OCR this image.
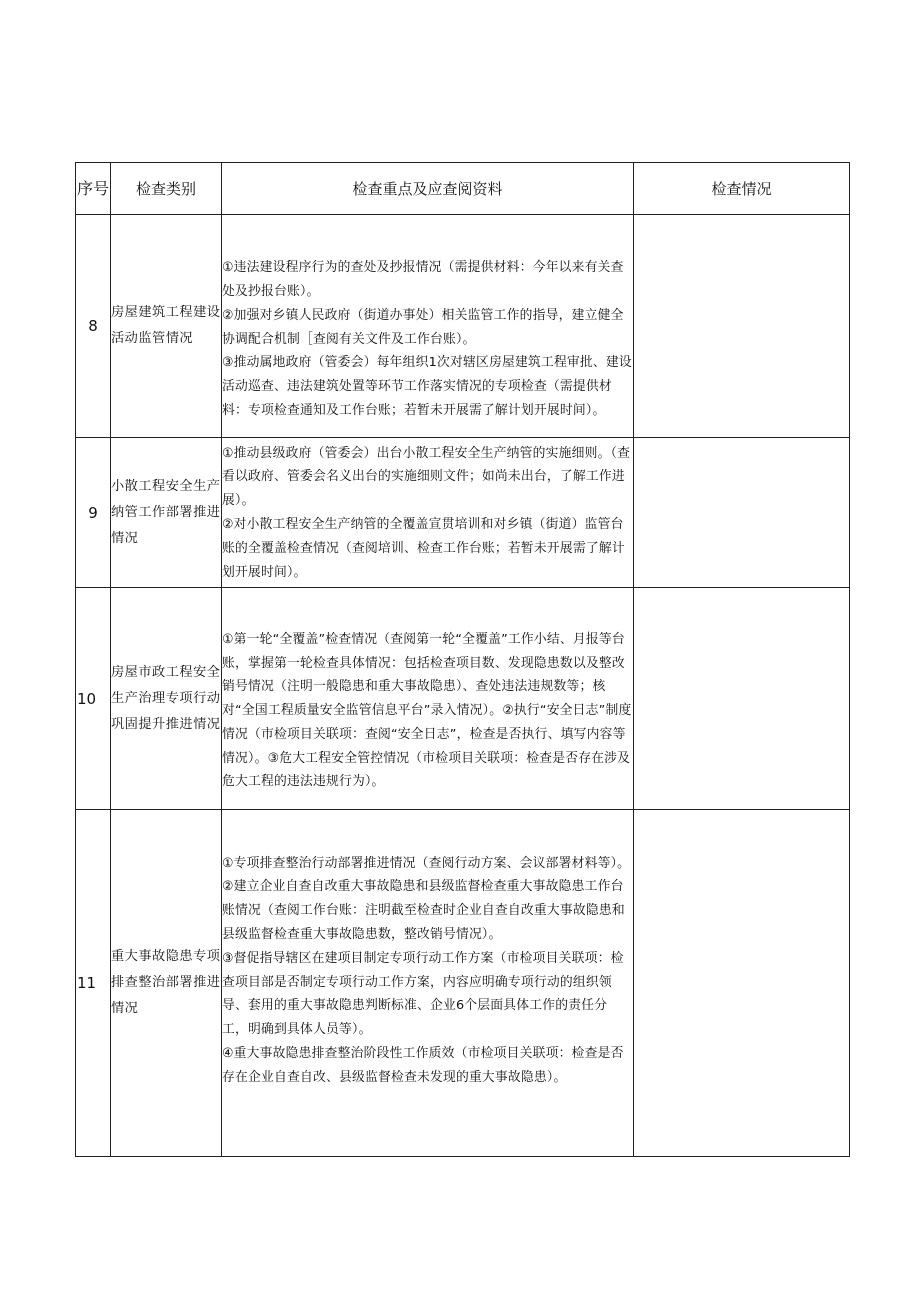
序号	检查类别	检查重点及应查阅资料	检查情况
8	房屋建筑工程建设活动监管情况	①违法建设程序行为的查处及抄报情况（需提供材料：今年以来有关查处及抄报台账）。
②加强对乡镇人民政府（街道办事处）相关监管工作的指导，建立健全协调配合机制［查阅有关文件及工作台账）。
③推动属地政府（管委会）每年组织1次对辖区房屋建筑工程审批、建设活动巡查、违法建筑处置等环节工作落实情况的专项检查（需提供材料：专项检查通知及工作台账；若暂未开展需了解计划开展时间）。	

9	小散工程安全生产纳管工作部署推进情况	①推动县级政府（管委会）出台小散工程安全生产纳管的实施细则。（查看以政府、管委会名义出台的实施细则文件；如尚未出台，了解工作进展）。
②对小散工程安全生产纳管的全覆盖宣贯培训和对乡镇（街道）监管台账的全覆盖检查情况（查阅培训、检查工作台账；若暂未开展需了解计划开展时间）。	

10	房屋市政工程安全生产治理专项行动巩固提升推进情况	①第一轮“全覆盖”检查情况（查阅第一轮“全覆盖”工作小结、月报等台账，掌握第一轮检查具体情况：包括检查项目数、发现隐患数以及整改销号情况（注明一般隐患和重大事故隐患）、查处违法违规数等；核对“全国工程质量安全监管信息平台”录入情况）。②执行“安全日志”制度情况（市检项目关联项：查阅“安全日志”，检查是否执行、填写内容等情况）。③危大工程安全管控情况（市检项目关联项：检查是否存在涉及危大工程的违法违规行为）。	

11	重大事故隐患专项排查整治部署推进情况	①专项排查整治行动部署推进情况（查阅行动方案、会议部署材料等）。
②建立企业自查自改重大事故隐患和县级监督检查重大事故隐患工作台账情况（查阅工作台账：注明截至检查时企业自查自改重大事故隐患和县级监督检查重大事故隐患数，整改销号情况）。
③督促指导辖区在建项目制定专项行动工作方案（市检项目关联项：检查项目部是否制定专项行动工作方案，内容应明确专项行动的组织领导、套用的重大事故隐患判断标准、企业6个层面具体工作的责任分工，明确到具体人员等）。
④重大事故隐患排查整治阶段性工作质效（市检项目关联项：检查是否存在企业自查自改、县级监督检查未发现的重大事故隐患）。	
